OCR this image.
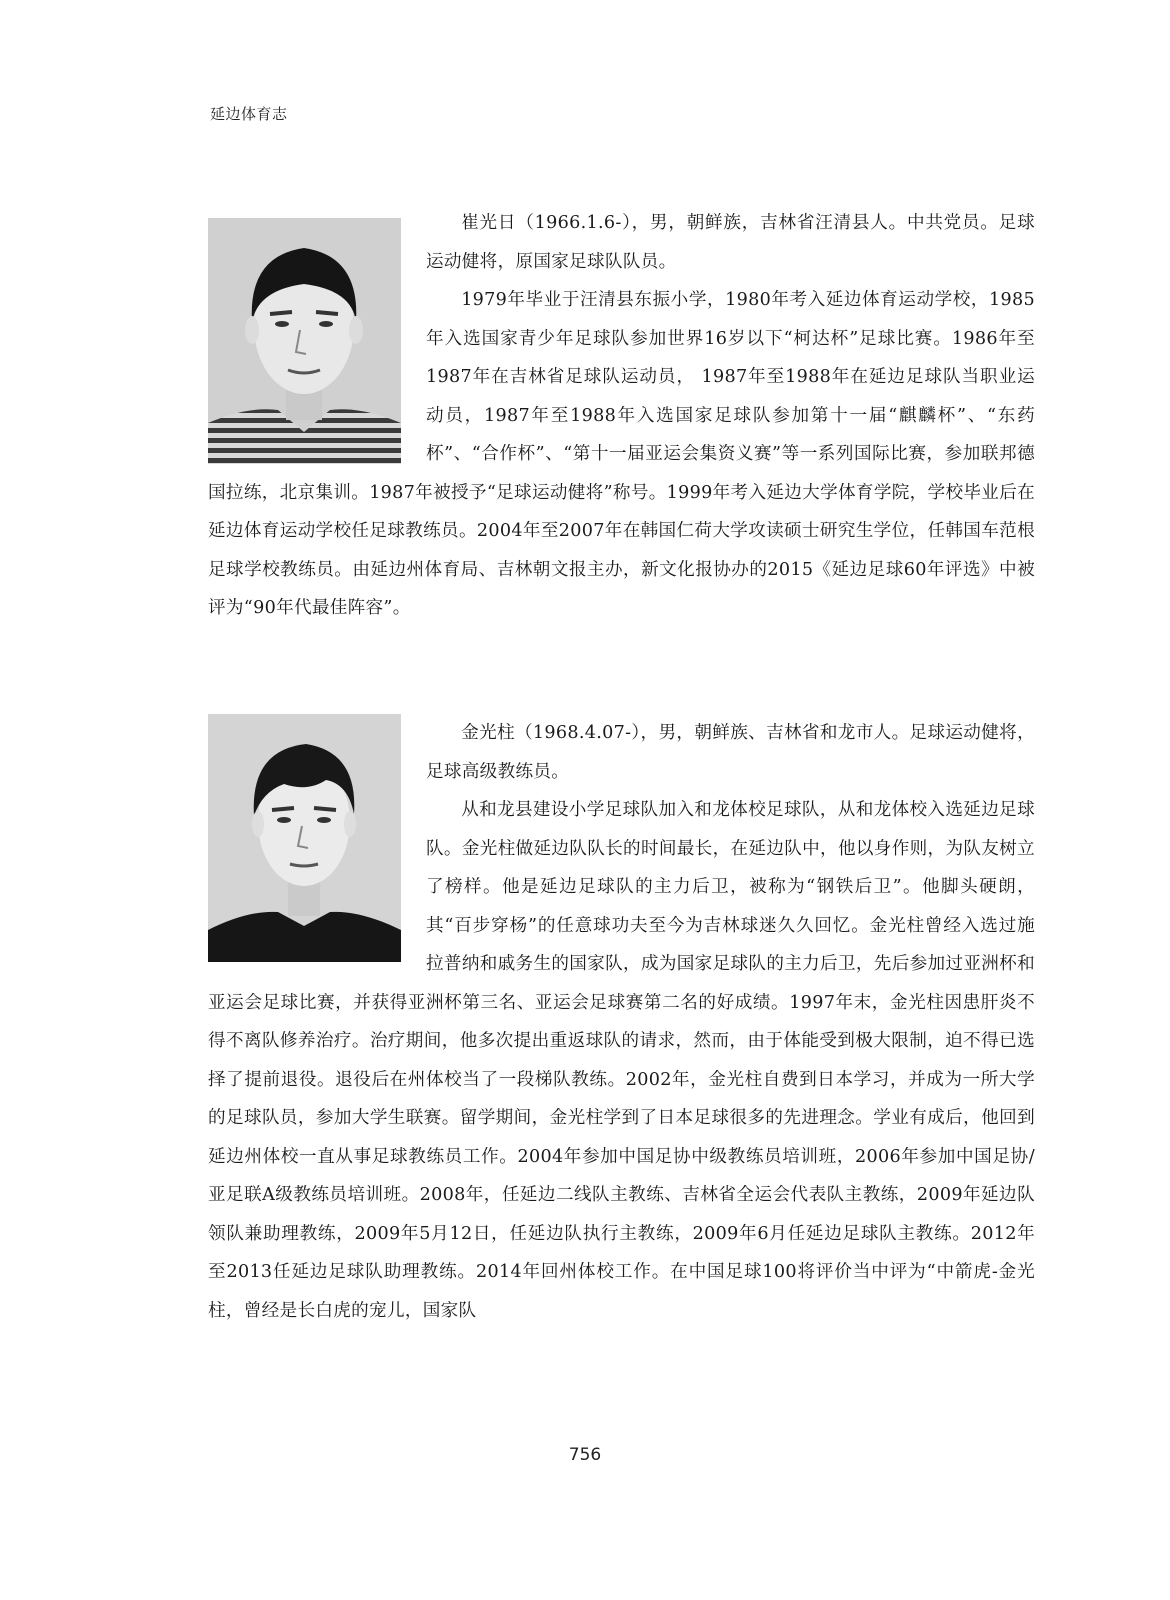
延边体育志

崔光日（1966.1.6-），男，朝鲜族，吉林省汪清县人。中共党员。足球运动健将，原国家足球队队员。

1979年毕业于汪清县东振小学，1980年考入延边体育运动学校，1985年入选国家青少年足球队参加世界16岁以下“柯达杯”足球比赛。1986年至1987年在吉林省足球队运动员， 1987年至1988年在延边足球队当职业运动员，1987年至1988年入选国家足球队参加第十一届“麒麟杯”、“东药杯”、“合作杯”、“第十一届亚运会集资义赛”等一系列国际比赛，参加联邦德国拉练，北京集训。1987年被授予“足球运动健将”称号。1999年考入延边大学体育学院，学校毕业后在延边体育运动学校任足球教练员。2004年至2007年在韩国仁荷大学攻读硕士研究生学位，任韩国车范根足球学校教练员。由延边州体育局、吉林朝文报主办，新文化报协办的2015《延边足球60年评选》中被评为“90年代最佳阵容”。

金光柱（1968.4.07-），男，朝鲜族、吉林省和龙市人。足球运动健将，足球高级教练员。

从和龙县建设小学足球队加入和龙体校足球队，从和龙体校入选延边足球队。金光柱做延边队队长的时间最长，在延边队中，他以身作则，为队友树立了榜样。他是延边足球队的主力后卫，被称为“钢铁后卫”。他脚头硬朗，其“百步穿杨”的任意球功夫至今为吉林球迷久久回忆。金光柱曾经入选过施拉普纳和戚务生的国家队，成为国家足球队的主力后卫，先后参加过亚洲杯和亚运会足球比赛，并获得亚洲杯第三名、亚运会足球赛第二名的好成绩。1997年末，金光柱因患肝炎不得不离队修养治疗。治疗期间，他多次提出重返球队的请求，然而，由于体能受到极大限制，迫不得已选择了提前退役。退役后在州体校当了一段梯队教练。2002年，金光柱自费到日本学习，并成为一所大学的足球队员，参加大学生联赛。留学期间，金光柱学到了日本足球很多的先进理念。学业有成后，他回到延边州体校一直从事足球教练员工作。2004年参加中国足协中级教练员培训班，2006年参加中国足协/亚足联A级教练员培训班。2008年，任延边二线队主教练、吉林省全运会代表队主教练，2009年延边队领队兼助理教练，2009年5月12日，任延边队执行主教练，2009年6月任延边足球队主教练。2012年至2013任延边足球队助理教练。2014年回州体校工作。在中国足球100将评价当中评为“中箭虎-金光柱，曾经是长白虎的宠儿，国家队

756
